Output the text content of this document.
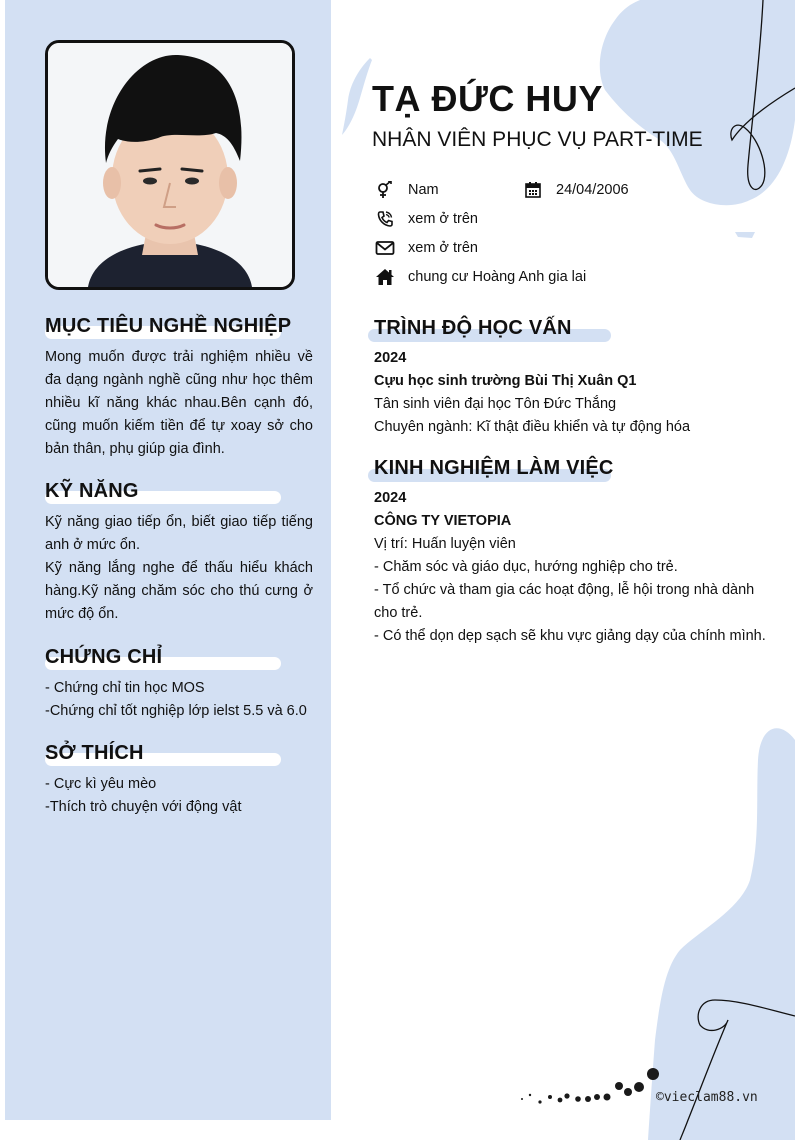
MỤC TIÊU NGHỀ NGHIỆP
Mong muốn được trải nghiệm nhiều về đa dạng ngành nghề cũng như học thêm nhiều kĩ năng khác nhau.Bên cạnh đó, cũng muốn kiếm tiền để tự xoay sở cho bản thân, phụ giúp gia đình.
KỸ NĂNG
Kỹ năng giao tiếp ổn, biết giao tiếp tiếng anh ở mức ổn.
Kỹ năng lắng nghe để thấu hiểu khách hàng.Kỹ năng chăm sóc cho thú cưng ở mức độ ổn.
CHỨNG CHỈ
- Chứng chỉ tin học MOS
-Chứng chỉ tốt nghiệp lớp ielst 5.5 và 6.0
SỞ THÍCH
- Cực kì yêu mèo
-Thích trò chuyện với động vật
TẠ ĐỨC HUY
NHÂN VIÊN PHỤC VỤ PART-TIME
Nam	24/04/2006
xem ở trên
xem ở trên
chung cư Hoàng Anh gia lai
TRÌNH ĐỘ HỌC VẤN
2024
Cựu học sinh trường Bùi Thị Xuân Q1
Tân sinh viên đại học Tôn Đức Thắng
Chuyên ngành: Kĩ thật điều khiển và tự động hóa
KINH NGHIỆM LÀM VIỆC
2024
CÔNG TY VIETOPIA
Vị trí: Huấn luyện viên
- Chăm sóc và giáo dục, hướng nghiệp cho trẻ.
- Tổ chức và tham gia các hoạt động, lễ hội trong nhà dành cho trẻ.
- Có thể dọn dẹp sạch sẽ khu vực giảng dạy của chính mình.
©vieclam88.vn
